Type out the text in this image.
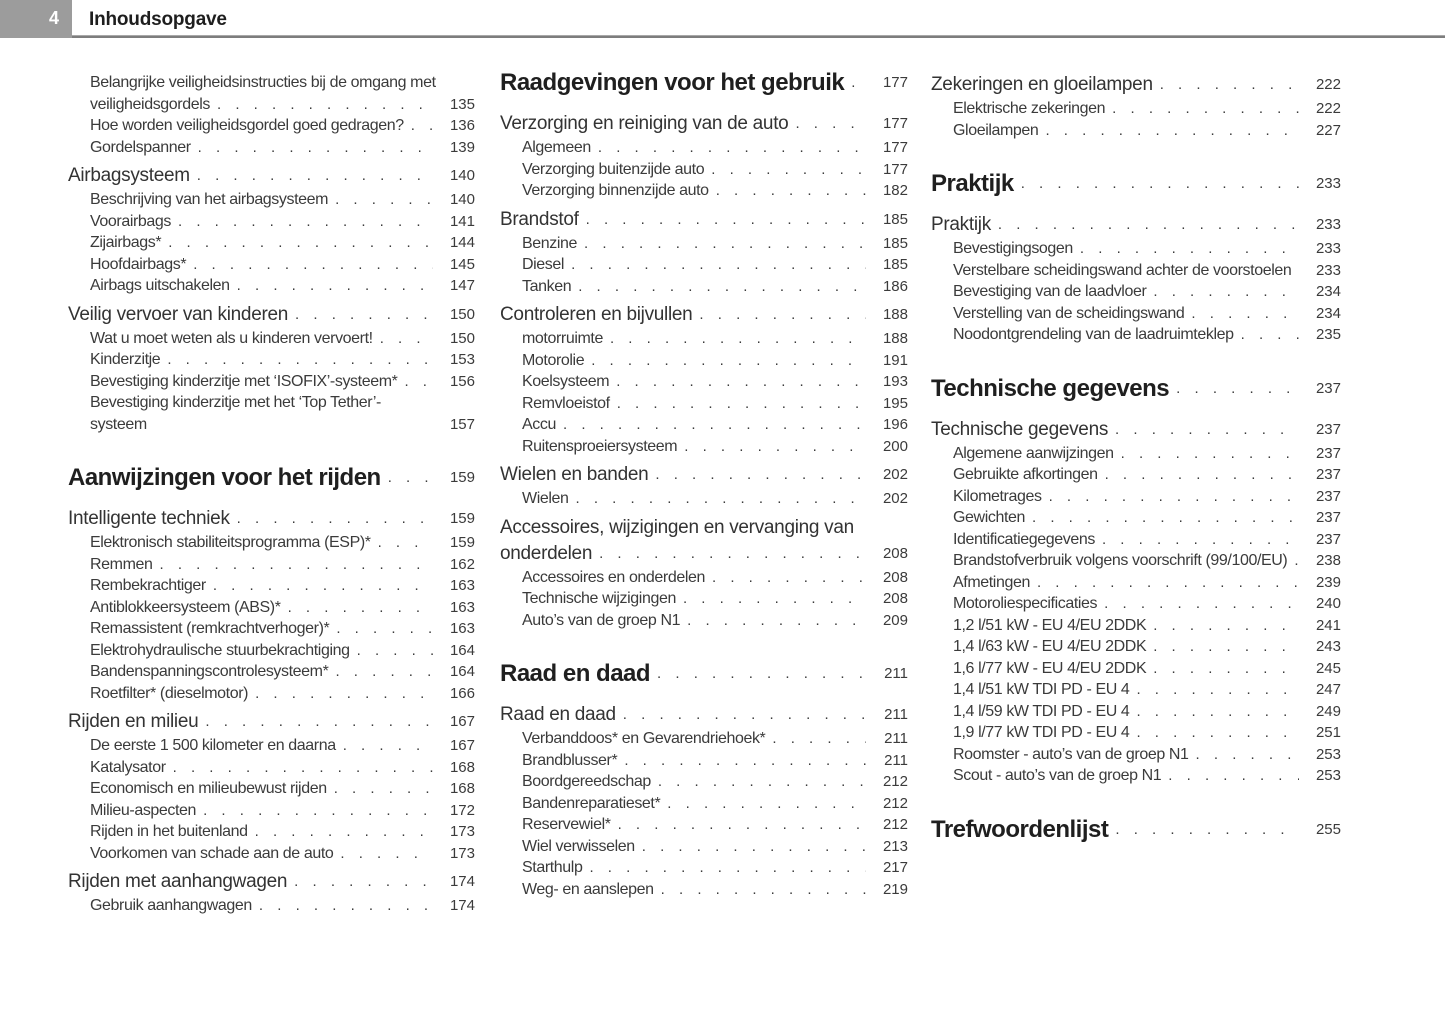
4	Inhoudsopgave
Belangrijke veiligheidsinstructies bij de omgang met
veiligheidsgordels . . .	135
Hoe worden veiligheidsgordel goed gedragen? . . .	136
Gordelspanner . . .	139
Airbagsysteem . . .	140
Beschrijving van het airbagsysteem . . .	140
Voorairbags . . .	141
Zijairbags* . . .	144
Hoofdairbags* . . .	145
Airbags uitschakelen . . .	147
Veilig vervoer van kinderen . . .	150
Wat u moet weten als u kinderen vervoert! . . .	150
Kinderzitje . . .	153
Bevestiging kinderzitje met ‘ISOFIX’-systeem* . . .	156
Bevestiging kinderzitje met het ‘Top Tether’-systeem	157
Aanwijzingen voor het rijden . . .	159
Intelligente techniek . . .	159
Elektronisch stabiliteitsprogramma (ESP)* . . .	159
Remmen . . .	162
Rembekrachtiger . . .	163
Antiblokkeersysteem (ABS)* . . .	163
Remassistent (remkrachtverhoger)* . . .	163
Elektrohydraulische stuurbekrachtiging . . .	164
Bandenspanningscontrolesysteem* . . .	164
Roetfilter* (dieselmotor) . . .	166
Rijden en milieu . . .	167
De eerste 1 500 kilometer en daarna . . .	167
Katalysator . . .	168
Economisch en milieubewust rijden . . .	168
Milieu-aspecten . . .	172
Rijden in het buitenland . . .	173
Voorkomen van schade aan de auto . . .	173
Rijden met aanhangwagen . . .	174
Gebruik aanhangwagen . . .	174
Raadgevingen voor het gebruik . . .	177
Verzorging en reiniging van de auto . . .	177
Algemeen . . .	177
Verzorging buitenzijde auto . . .	177
Verzorging binnenzijde auto . . .	182
Brandstof . . .	185
Benzine . . .	185
Diesel . . .	185
Tanken . . .	186
Controleren en bijvullen . . .	188
motorruimte . . .	188
Motorolie . . .	191
Koelsysteem . . .	193
Remvloeistof . . .	195
Accu . . .	196
Ruitensproeiersysteem . . .	200
Wielen en banden . . .	202
Wielen . . .	202
Accessoires, wijzigingen en vervanging van
onderdelen . . .	208
Accessoires en onderdelen . . .	208
Technische wijzigingen . . .	208
Auto’s van de groep N1 . . .	209
Raad en daad . . .	211
Raad en daad . . .	211
Verbanddoos* en Gevarendriehoek* . . .	211
Brandblusser* . . .	211
Boordgereedschap . . .	212
Bandenreparatieset* . . .	212
Reservewiel* . . .	212
Wiel verwisselen . . .	213
Starthulp . . .	217
Weg- en aanslepen . . .	219
Zekeringen en gloeilampen . . .	222
Elektrische zekeringen . . .	222
Gloeilampen . . .	227
Praktijk . . .	233
Praktijk . . .	233
Bevestigingsogen . . .	233
Verstelbare scheidingswand achter de voorstoelen . . .	233
Bevestiging van de laadvloer . . .	234
Verstelling van de scheidingswand . . .	234
Noodontgrendeling van de laadruimteklep . . .	235
Technische gegevens . . .	237
Technische gegevens . . .	237
Algemene aanwijzingen . . .	237
Gebruikte afkortingen . . .	237
Kilometrages . . .	237
Gewichten . . .	237
Identificatiegegevens . . .	237
Brandstofverbruik volgens voorschrift (99/100/EU) . . .	238
Afmetingen . . .	239
Motoroliespecificaties . . .	240
1,2 l/51 kW - EU 4/EU 2DDK . . .	241
1,4 l/63 kW - EU 4/EU 2DDK . . .	243
1,6 l/77 kW - EU 4/EU 2DDK . . .	245
1,4 l/51 kW TDI PD - EU 4 . . .	247
1,4 l/59 kW TDI PD - EU 4 . . .	249
1,9 l/77 kW TDI PD - EU 4 . . .	251
Roomster - auto’s van de groep N1 . . .	253
Scout - auto’s van de groep N1 . . .	253
Trefwoordenlijst . . .	255
